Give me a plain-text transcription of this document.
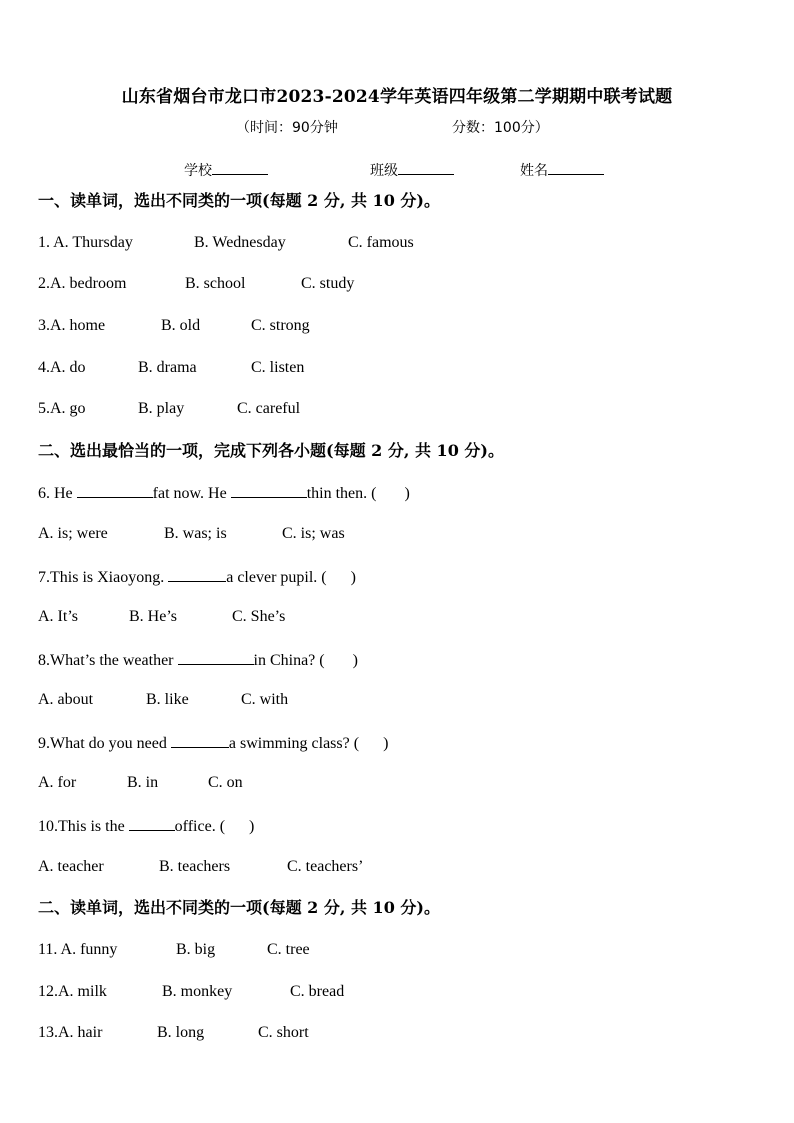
山东省烟台市龙口市2023-2024学年英语四年级第二学期期中联考试题
（时间：90分钟	分数：100分）
学校	班级	姓名
一、读单词，选出不同类的一项(每题 2 分, 共 10 分)。
1. A. Thursday	B. Wednesday	C. famous
2.A. bedroom	B. school	C. study
3.A. home	B. old	C. strong
4.A. do	B. drama	C. listen
5.A. go	B. play	C. careful
二、选出最恰当的一项，完成下列各小题(每题 2 分, 共 10 分)。
6. He	fat now. He	thin then. ( )
A. is; were	B. was; is	C. is; was
7.This is Xiaoyong.	a clever pupil. ( )
A. It’s	B. He’s	C. She’s
8.What’s the weather	in China? ( )
A. about	B. like	C. with
9.What do you need	a swimming class? ( )
A. for	B. in	C. on
10.This is the	office. ( )
A. teacher	B. teachers	C. teachers’
二、读单词，选出不同类的一项(每题 2 分, 共 10 分)。
11. A. funny	B. big	C. tree
12.A. milk	B. monkey	C. bread
13.A. hair	B. long	C. short
